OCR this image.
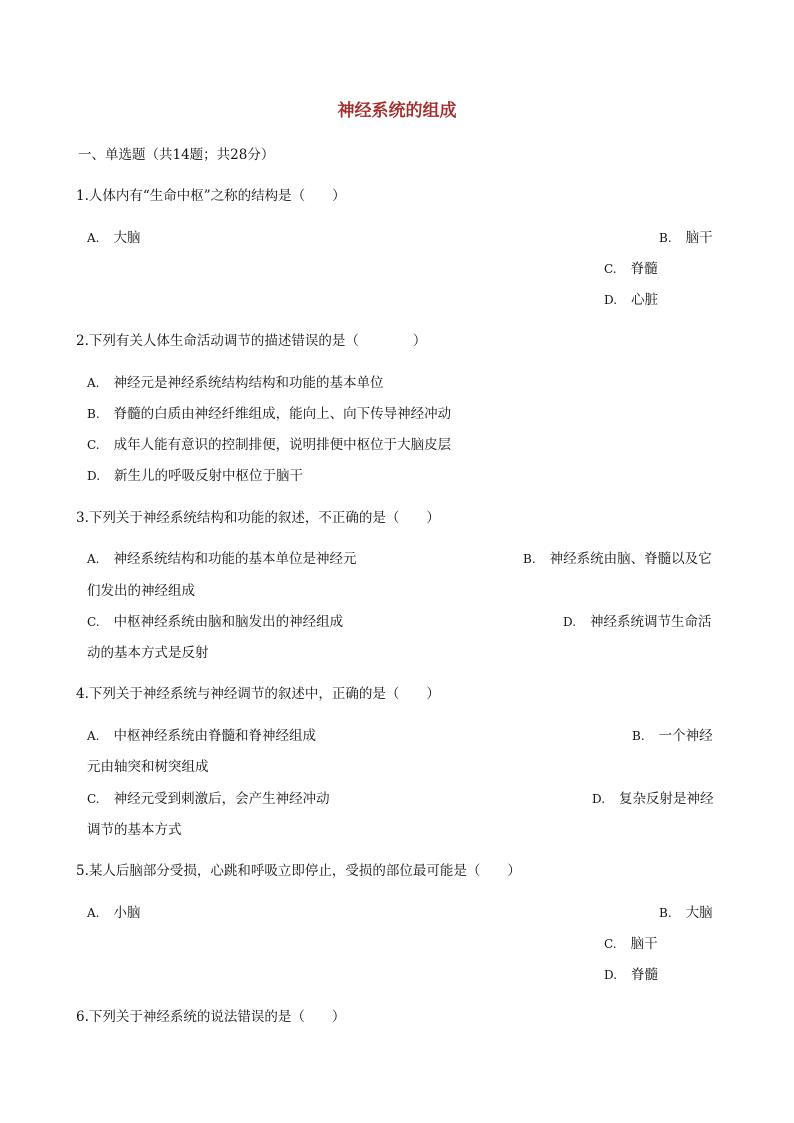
神经系统的组成
一、单选题（共14题；共28分）
1.人体内有“生命中枢”之称的结构是（　　）
A. 大脑	B. 脑干
C. 脊髓
D. 心脏
2.下列有关人体生命活动调节的描述错误的是（　　　　）
A. 神经元是神经系统结构结构和功能的基本单位
B. 脊髓的白质由神经纤维组成，能向上、向下传导神经冲动
C. 成年人能有意识的控制排便，说明排便中枢位于大脑皮层
D. 新生儿的呼吸反射中枢位于脑干
3.下列关于神经系统结构和功能的叙述，不正确的是（　　）
A. 神经系统结构和功能的基本单位是神经元	B. 神经系统由脑、脊髓以及它
们发出的神经组成
C. 中枢神经系统由脑和脑发出的神经组成	D. 神经系统调节生命活
动的基本方式是反射
4.下列关于神经系统与神经调节的叙述中，正确的是（　　）
A. 中枢神经系统由脊髓和脊神经组成	B. 一个神经
元由轴突和树突组成
C. 神经元受到刺激后，会产生神经冲动	D. 复杂反射是神经
调节的基本方式
5.某人后脑部分受损，心跳和呼吸立即停止，受损的部位最可能是（　　）
A. 小脑	B. 大脑
C. 脑干
D. 脊髓
6.下列关于神经系统的说法错误的是（　　）
